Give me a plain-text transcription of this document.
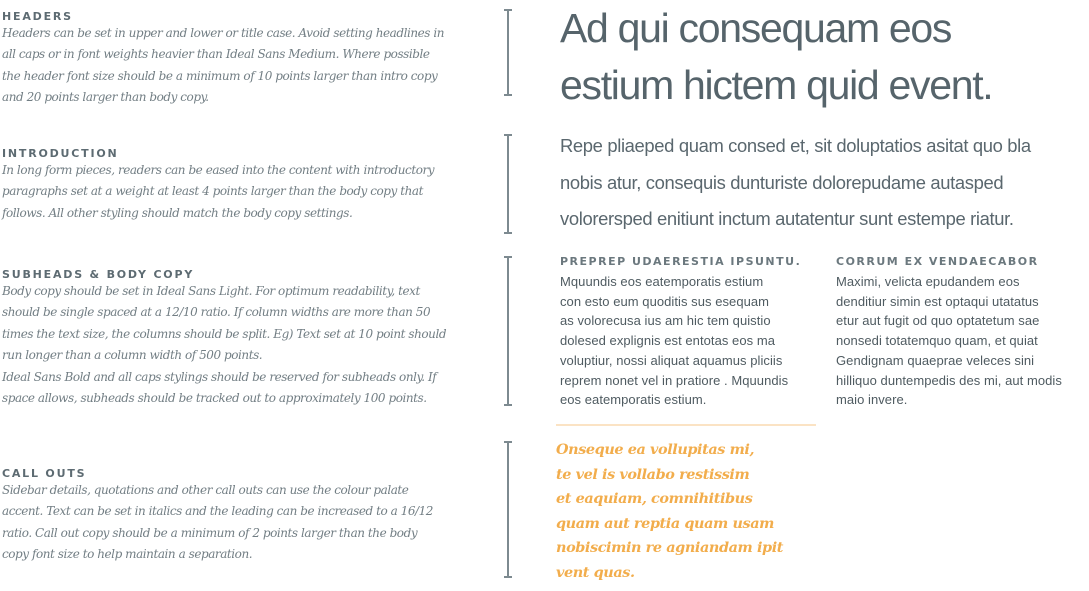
HEADERS

Headers can be set in upper and lower or title case. Avoid setting headlines in

all caps or in font weights heavier than Ideal Sans Medium. Where possible

the header font size should be a minimum of 10 points larger than intro copy

and 20 points larger than body copy.

INTRODUCTION

In long form pieces, readers can be eased into the content with introductory

paragraphs set at a weight at least 4 points larger than the body copy that

follows. All other styling should match the body copy settings.

SUBHEADS & BODY COPY

Body copy should be set in Ideal Sans Light. For optimum readability, text

should be single spaced at a 12/10 ratio. If column widths are more than 50

times the text size, the columns should be split. Eg) Text set at 10 point should

run longer than a column width of 500 points.

Ideal Sans Bold and all caps stylings should be reserved for subheads only. If

space allows, subheads should be tracked out to approximately 100 points.

CALL OUTS

Sidebar details, quotations and other call outs can use the colour palate

accent. Text can be set in italics and the leading can be increased to a 16/12

ratio. Call out copy should be a minimum of 2 points larger than the body

copy font size to help maintain a separation.

Ad qui consequam eos
estium hictem quid event.
Repe pliaeped quam consed et, sit doluptatios asitat quo bla
nobis atur, consequis dunturiste dolorepudame autasped
volorersped enitiunt inctum autatentur sunt estempe riatur.
PREPREP UDAERESTIA IPSUNTU.
Mquundis eos eatemporatis estium
con esto eum quoditis sus esequam
as volorecusa ius am hic tem quistio
dolesed explignis est entotas eos ma
voluptiur, nossi aliquat aquamus pliciis
reprem nonet vel in pratiore . Mquundis
eos eatemporatis estium.
CORRUM EX VENDAECABOR
Maximi, velicta epudandem eos
denditiur simin est optaqui utatatus
etur aut fugit od quo optatetum sae
nonsedi totatemquo quam, et quiat
Gendignam quaeprae veleces sini
hilliquo duntempedis des mi, aut modis
maio invere.
Onseque ea vollupitas mi,
te vel is vollabo restissim
et eaquiam, comnihitibus
quam aut reptia quam usam
nobiscimin re agniandam ipit
vent quas.
